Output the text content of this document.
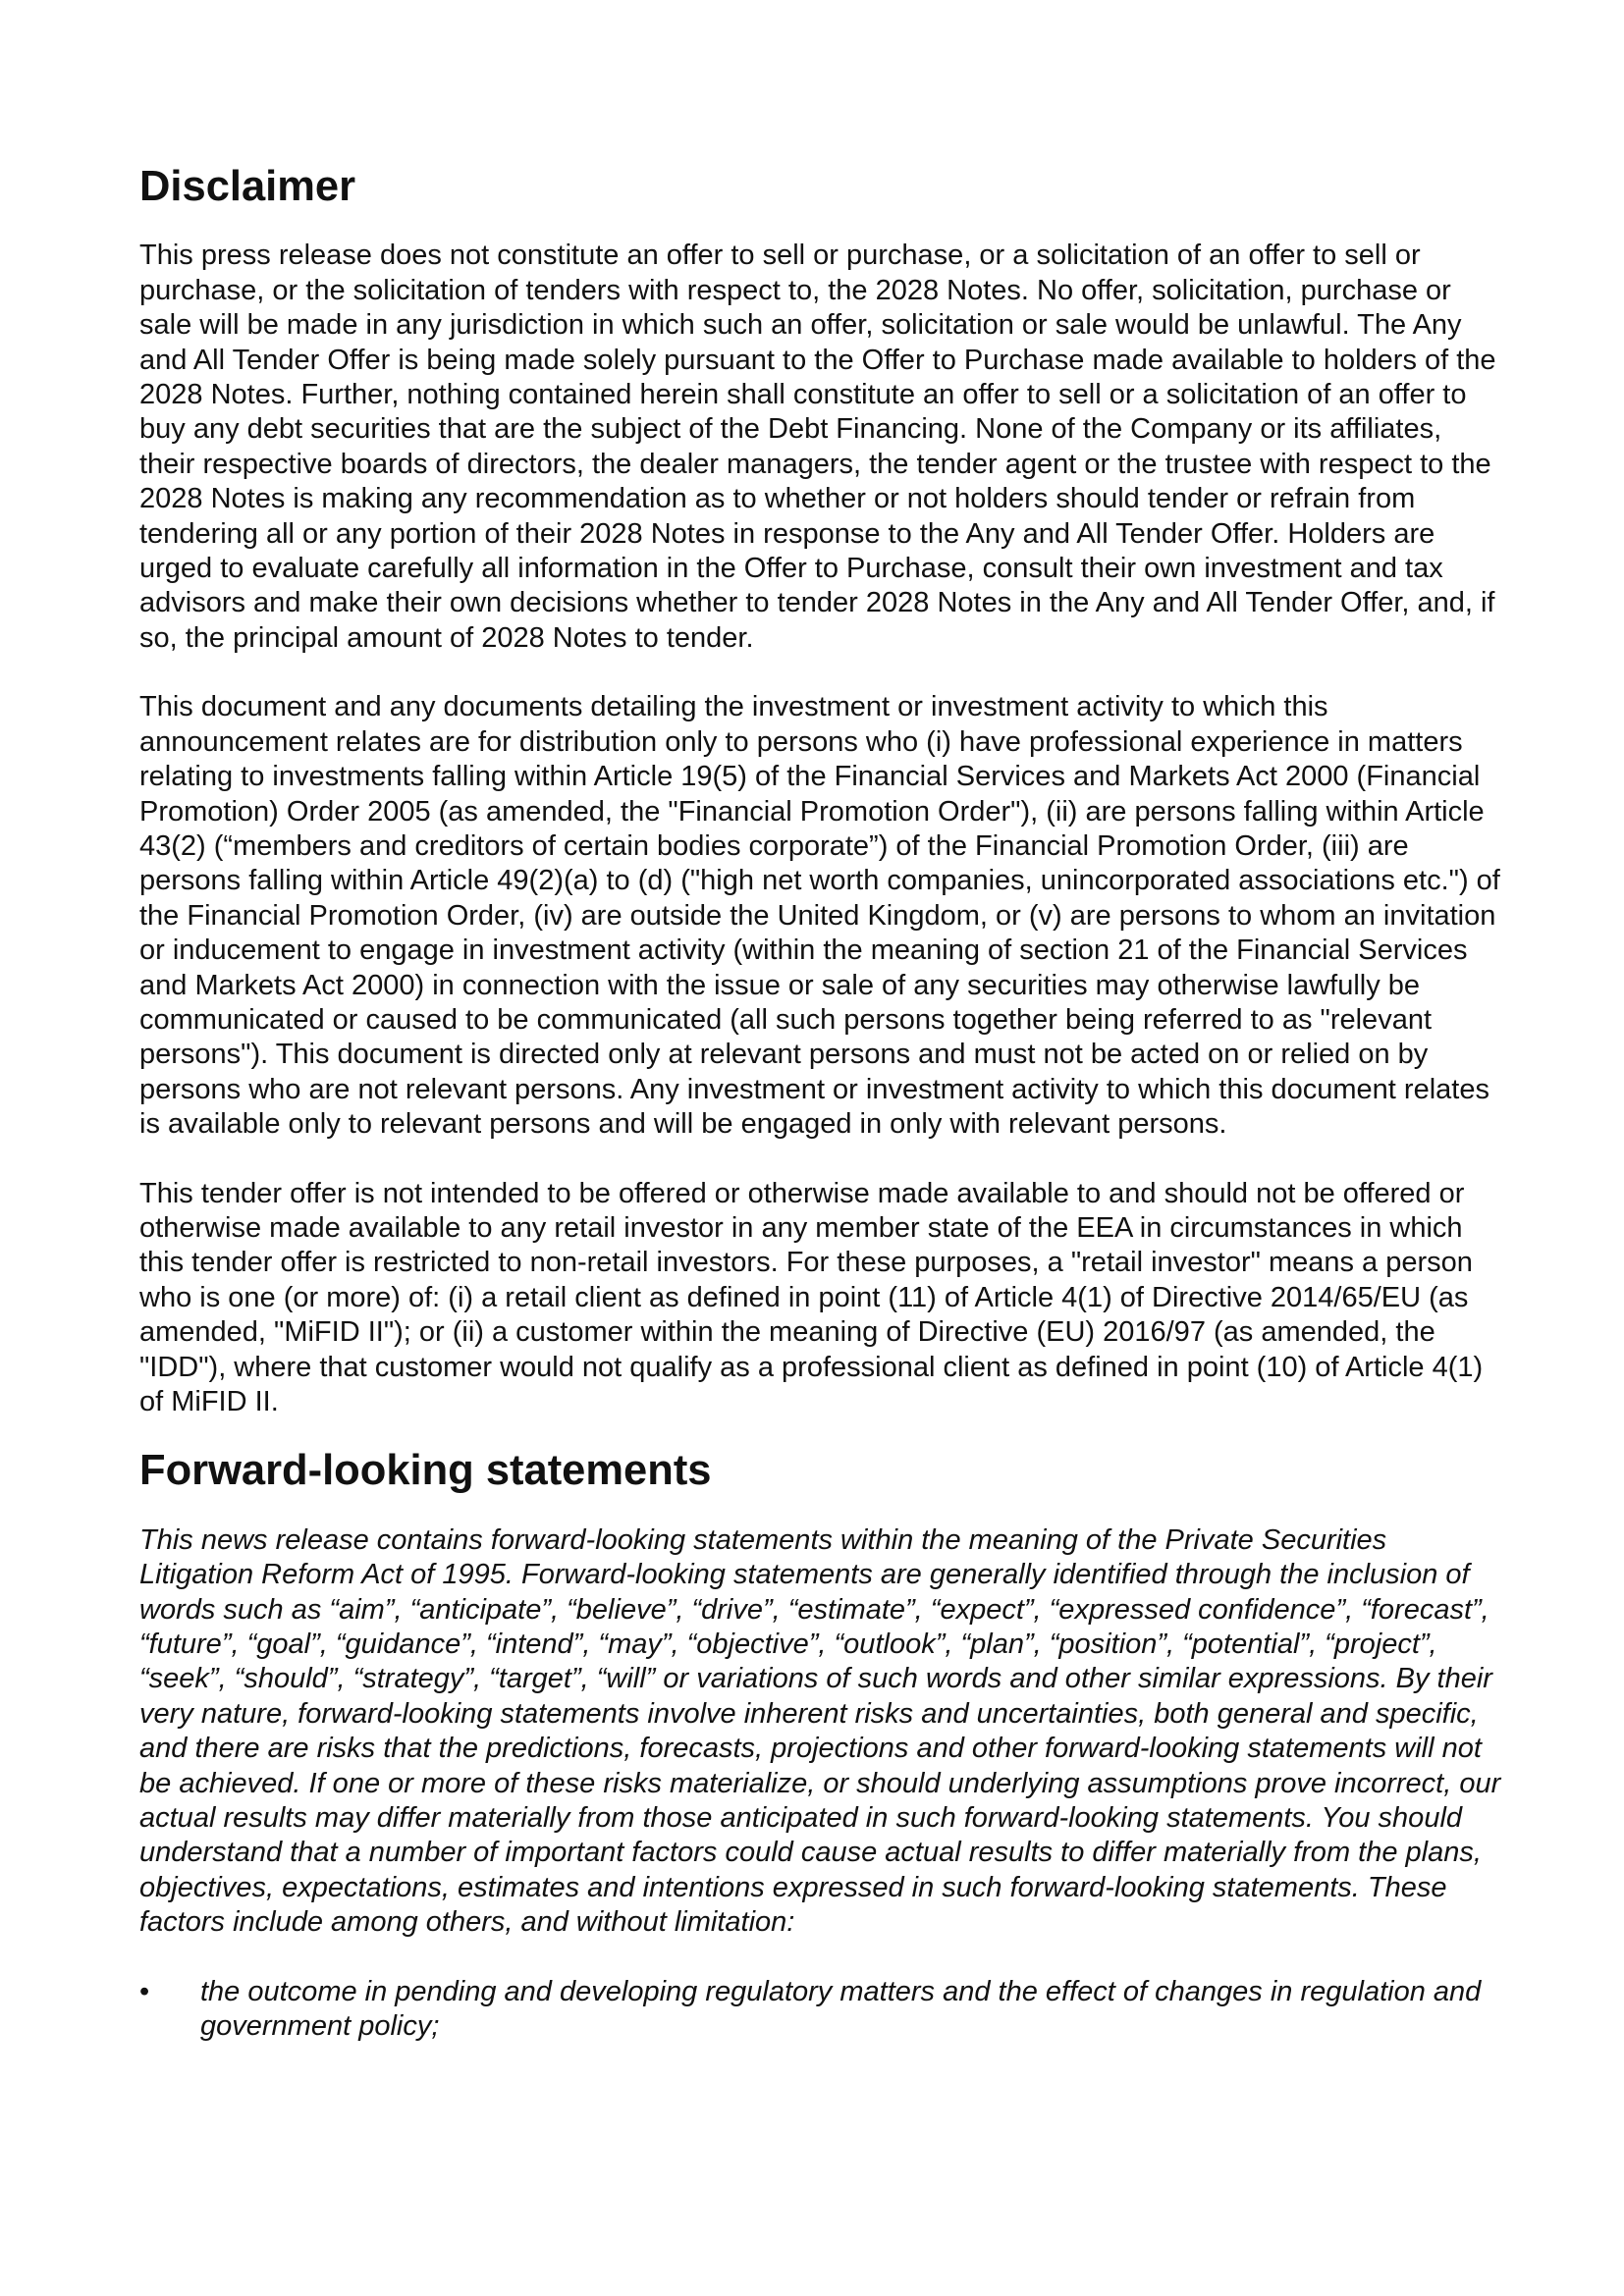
Disclaimer

This press release does not constitute an offer to sell or purchase, or a solicitation of an offer to sell or purchase, or the solicitation of tenders with respect to, the 2028 Notes. No offer, solicitation, purchase or sale will be made in any jurisdiction in which such an offer, solicitation or sale would be unlawful. The Any and All Tender Offer is being made solely pursuant to the Offer to Purchase made available to holders of the 2028 Notes. Further, nothing contained herein shall constitute an offer to sell or a solicitation of an offer to buy any debt securities that are the subject of the Debt Financing. None of the Company or its affiliates, their respective boards of directors, the dealer managers, the tender agent or the trustee with respect to the 2028 Notes is making any recommendation as to whether or not holders should tender or refrain from tendering all or any portion of their 2028 Notes in response to the Any and All Tender Offer. Holders are urged to evaluate carefully all information in the Offer to Purchase, consult their own investment and tax advisors and make their own decisions whether to tender 2028 Notes in the Any and All Tender Offer, and, if so, the principal amount of 2028 Notes to tender.

This document and any documents detailing the investment or investment activity to which this announcement relates are for distribution only to persons who (i) have professional experience in matters relating to investments falling within Article 19(5) of the Financial Services and Markets Act 2000 (Financial Promotion) Order 2005 (as amended, the "Financial Promotion Order"), (ii) are persons falling within Article 43(2) (“members and creditors of certain bodies corporate”) of the Financial Promotion Order, (iii) are persons falling within Article 49(2)(a) to (d) ("high net worth companies, unincorporated associations etc.") of the Financial Promotion Order, (iv) are outside the United Kingdom, or (v) are persons to whom an invitation or inducement to engage in investment activity (within the meaning of section 21 of the Financial Services and Markets Act 2000) in connection with the issue or sale of any securities may otherwise lawfully be communicated or caused to be communicated (all such persons together being referred to as "relevant persons"). This document is directed only at relevant persons and must not be acted on or relied on by persons who are not relevant persons. Any investment or investment activity to which this document relates is available only to relevant persons and will be engaged in only with relevant persons.

This tender offer is not intended to be offered or otherwise made available to and should not be offered or otherwise made available to any retail investor in any member state of the EEA in circumstances in which this tender offer is restricted to non-retail investors. For these purposes, a "retail investor" means a person who is one (or more) of: (i) a retail client as defined in point (11) of Article 4(1) of Directive 2014/65/EU (as amended, "MiFID II"); or (ii) a customer within the meaning of Directive (EU) 2016/97 (as amended, the "IDD"), where that customer would not qualify as a professional client as defined in point (10) of Article 4(1) of MiFID II.

Forward-looking statements

This news release contains forward-looking statements within the meaning of the Private Securities Litigation Reform Act of 1995. Forward-looking statements are generally identified through the inclusion of words such as “aim”, “anticipate”, “believe”, “drive”, “estimate”, “expect”, “expressed confidence”, “forecast”, “future”, “goal”, “guidance”, “intend”, “may”, “objective”, “outlook”, “plan”, “position”, “potential”, “project”, “seek”, “should”, “strategy”, “target”, “will” or variations of such words and other similar expressions. By their very nature, forward-looking statements involve inherent risks and uncertainties, both general and specific, and there are risks that the predictions, forecasts, projections and other forward-looking statements will not be achieved. If one or more of these risks materialize, or should underlying assumptions prove incorrect, our actual results may differ materially from those anticipated in such forward-looking statements. You should understand that a number of important factors could cause actual results to differ materially from the plans, objectives, expectations, estimates and intentions expressed in such forward-looking statements. These factors include among others, and without limitation:

• the outcome in pending and developing regulatory matters and the effect of changes in regulation and government policy;
